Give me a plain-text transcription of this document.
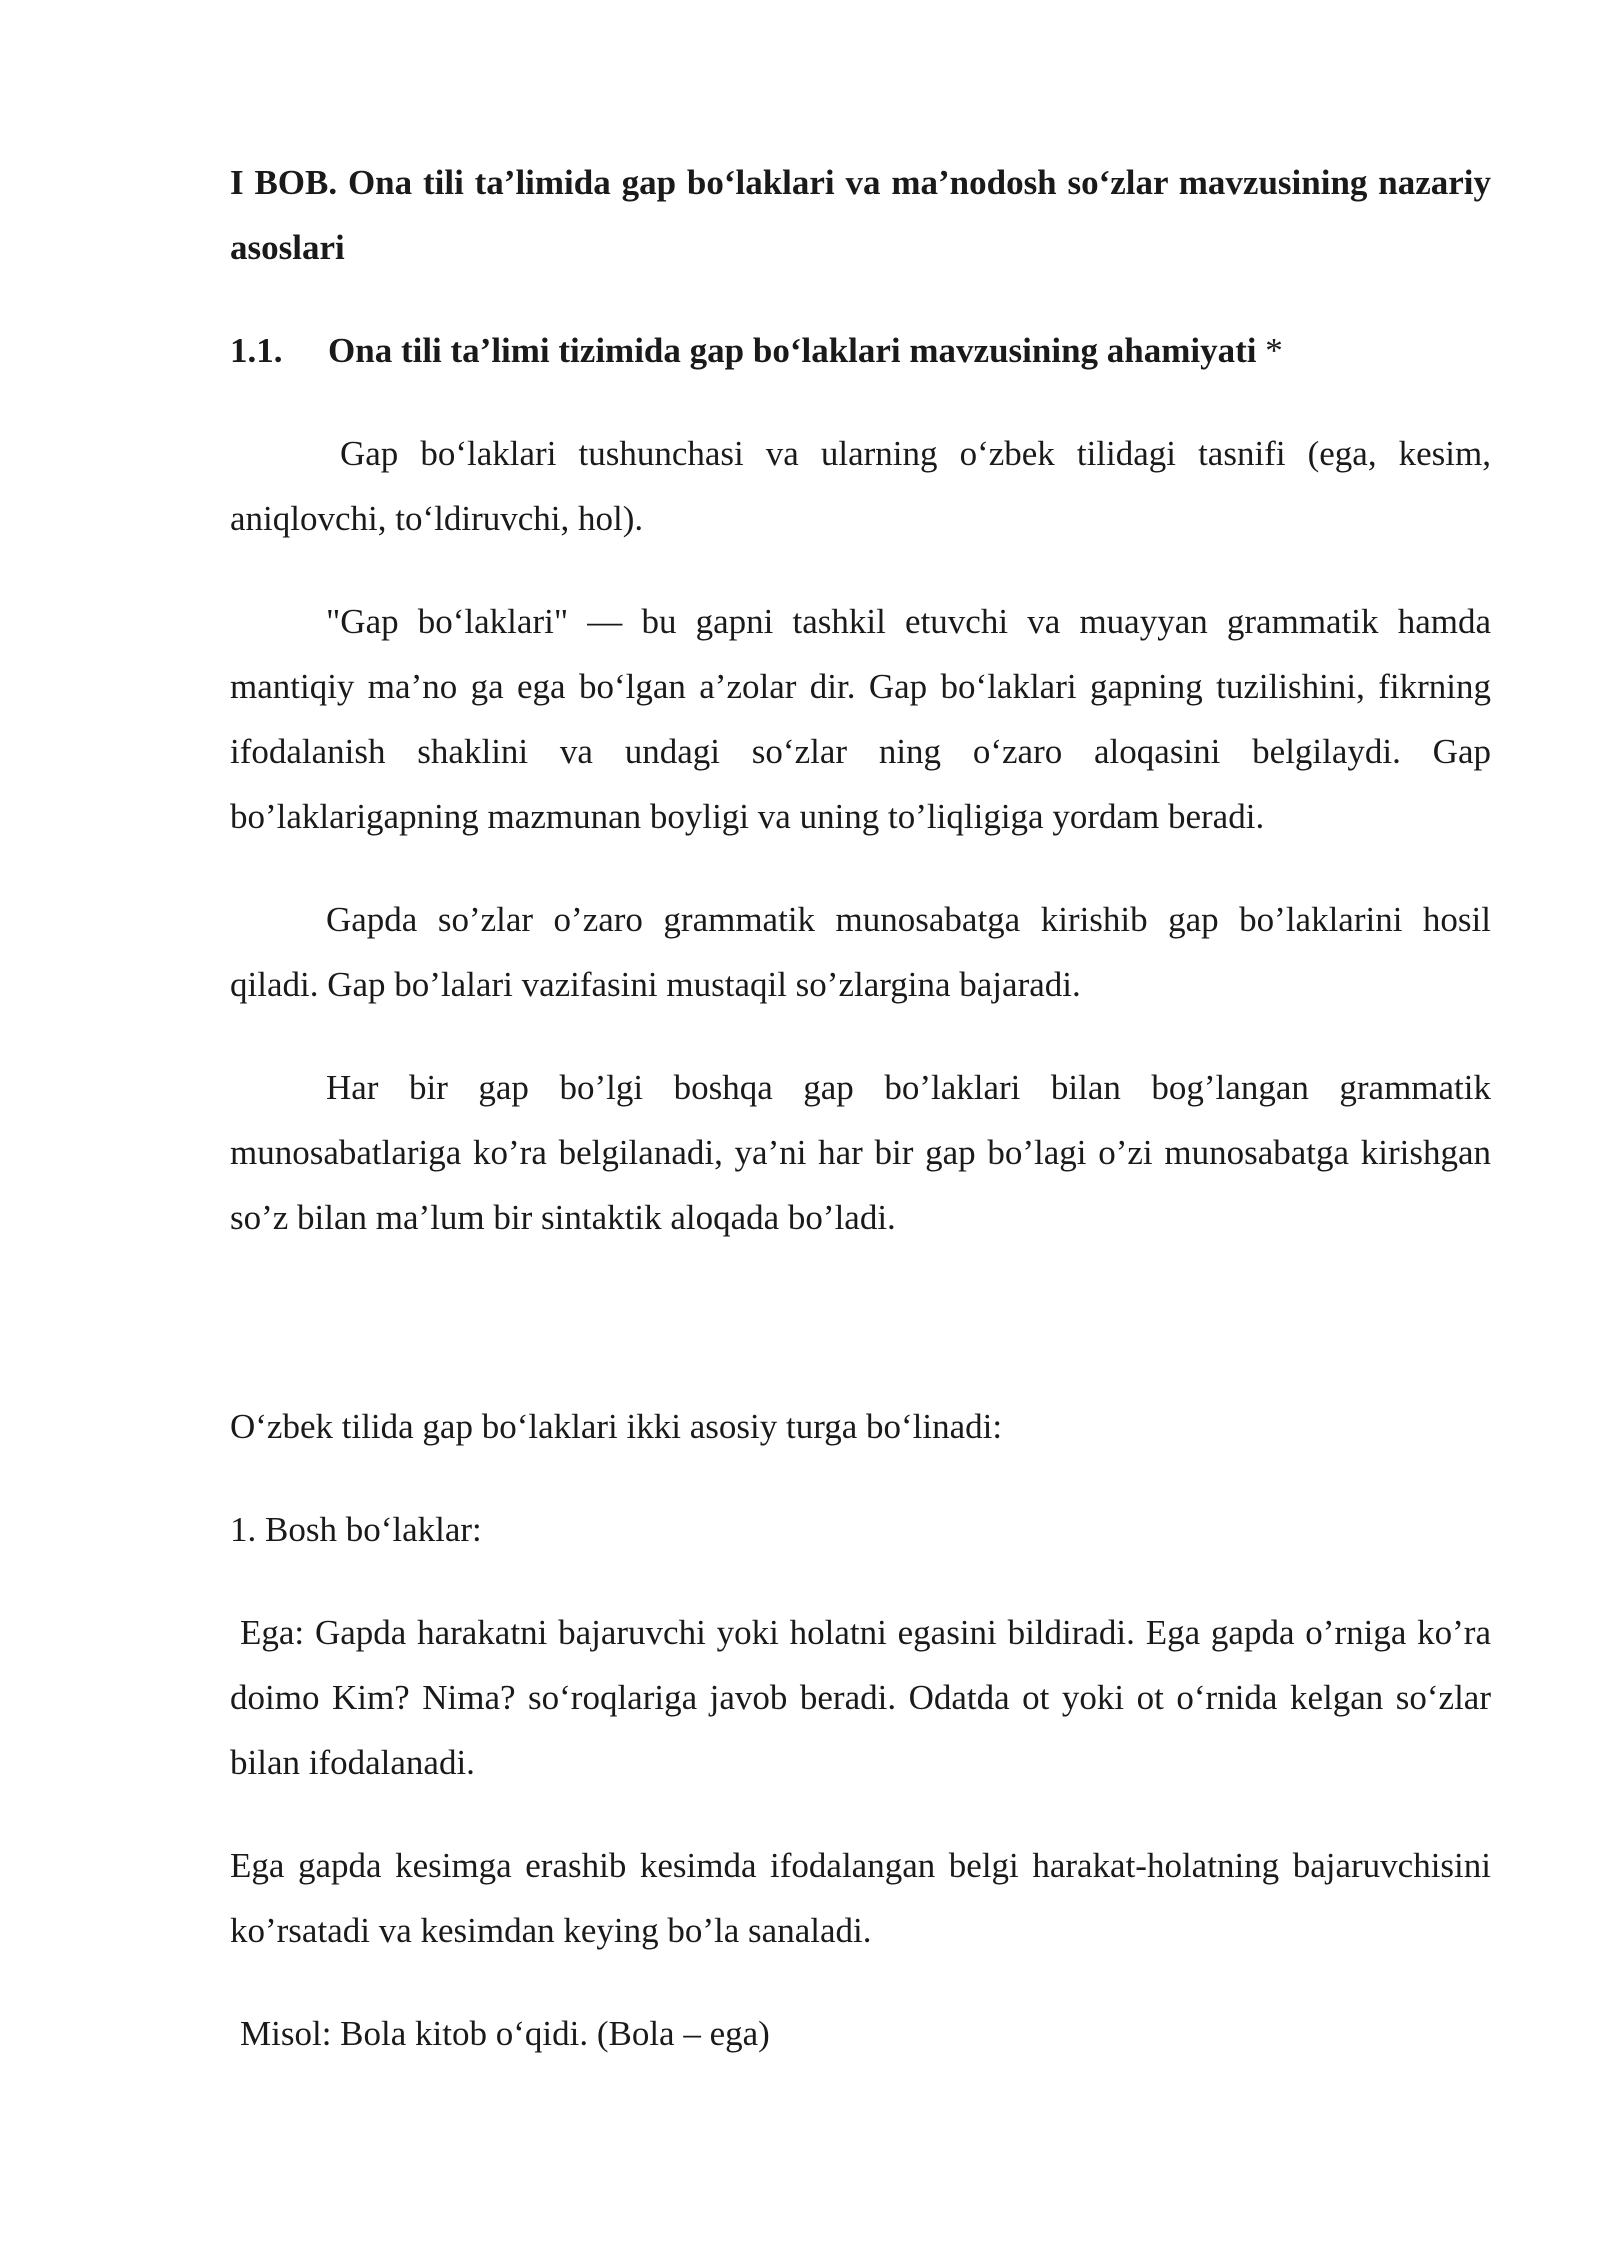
I BOB. Ona tili ta’limida gap bo‘laklari va ma’nodosh so‘zlar mavzusining nazariy asoslari

1.1. Ona tili ta’limi tizimida gap bo‘laklari mavzusining ahamiyati *

Gap bo‘laklari tushunchasi va ularning o‘zbek tilidagi tasnifi (ega, kesim, aniqlovchi, to‘ldiruvchi, hol).

"Gap bo‘laklari" — bu gapni tashkil etuvchi va muayyan grammatik hamda mantiqiy ma’no ga ega bo‘lgan a’zolar dir. Gap bo‘laklari gapning tuzilishini, fikrning ifodalanish shaklini va undagi so‘zlar ning o‘zaro aloqasini belgilaydi. Gap bo’laklarigapning mazmunan boyligi va uning to’liqligiga yordam beradi.

Gapda so’zlar o’zaro grammatik munosabatga kirishib gap bo’laklarini hosil qiladi. Gap bo’lalari vazifasini mustaqil so’zlargina bajaradi.

Har bir gap bo’lgi boshqa gap bo’laklari bilan bog’langan grammatik munosabatlariga ko’ra belgilanadi, ya’ni har bir gap bo’lagi o’zi munosabatga kirishgan so’z bilan ma’lum bir sintaktik aloqada bo’ladi.

O‘zbek tilida gap bo‘laklari ikki asosiy turga bo‘linadi:

1. Bosh bo‘laklar:

Ega: Gapda harakatni bajaruvchi yoki holatni egasini bildiradi. Ega gapda o’rniga ko’ra doimo Kim? Nima? so‘roqlariga javob beradi. Odatda ot yoki ot o‘rnida kelgan so‘zlar bilan ifodalanadi.

Ega gapda kesimga erashib kesimda ifodalangan belgi harakat-holatning bajaruvchisini ko’rsatadi va kesimdan keying bo’la sanaladi.

Misol: Bola kitob o‘qidi. (Bola – ega)
